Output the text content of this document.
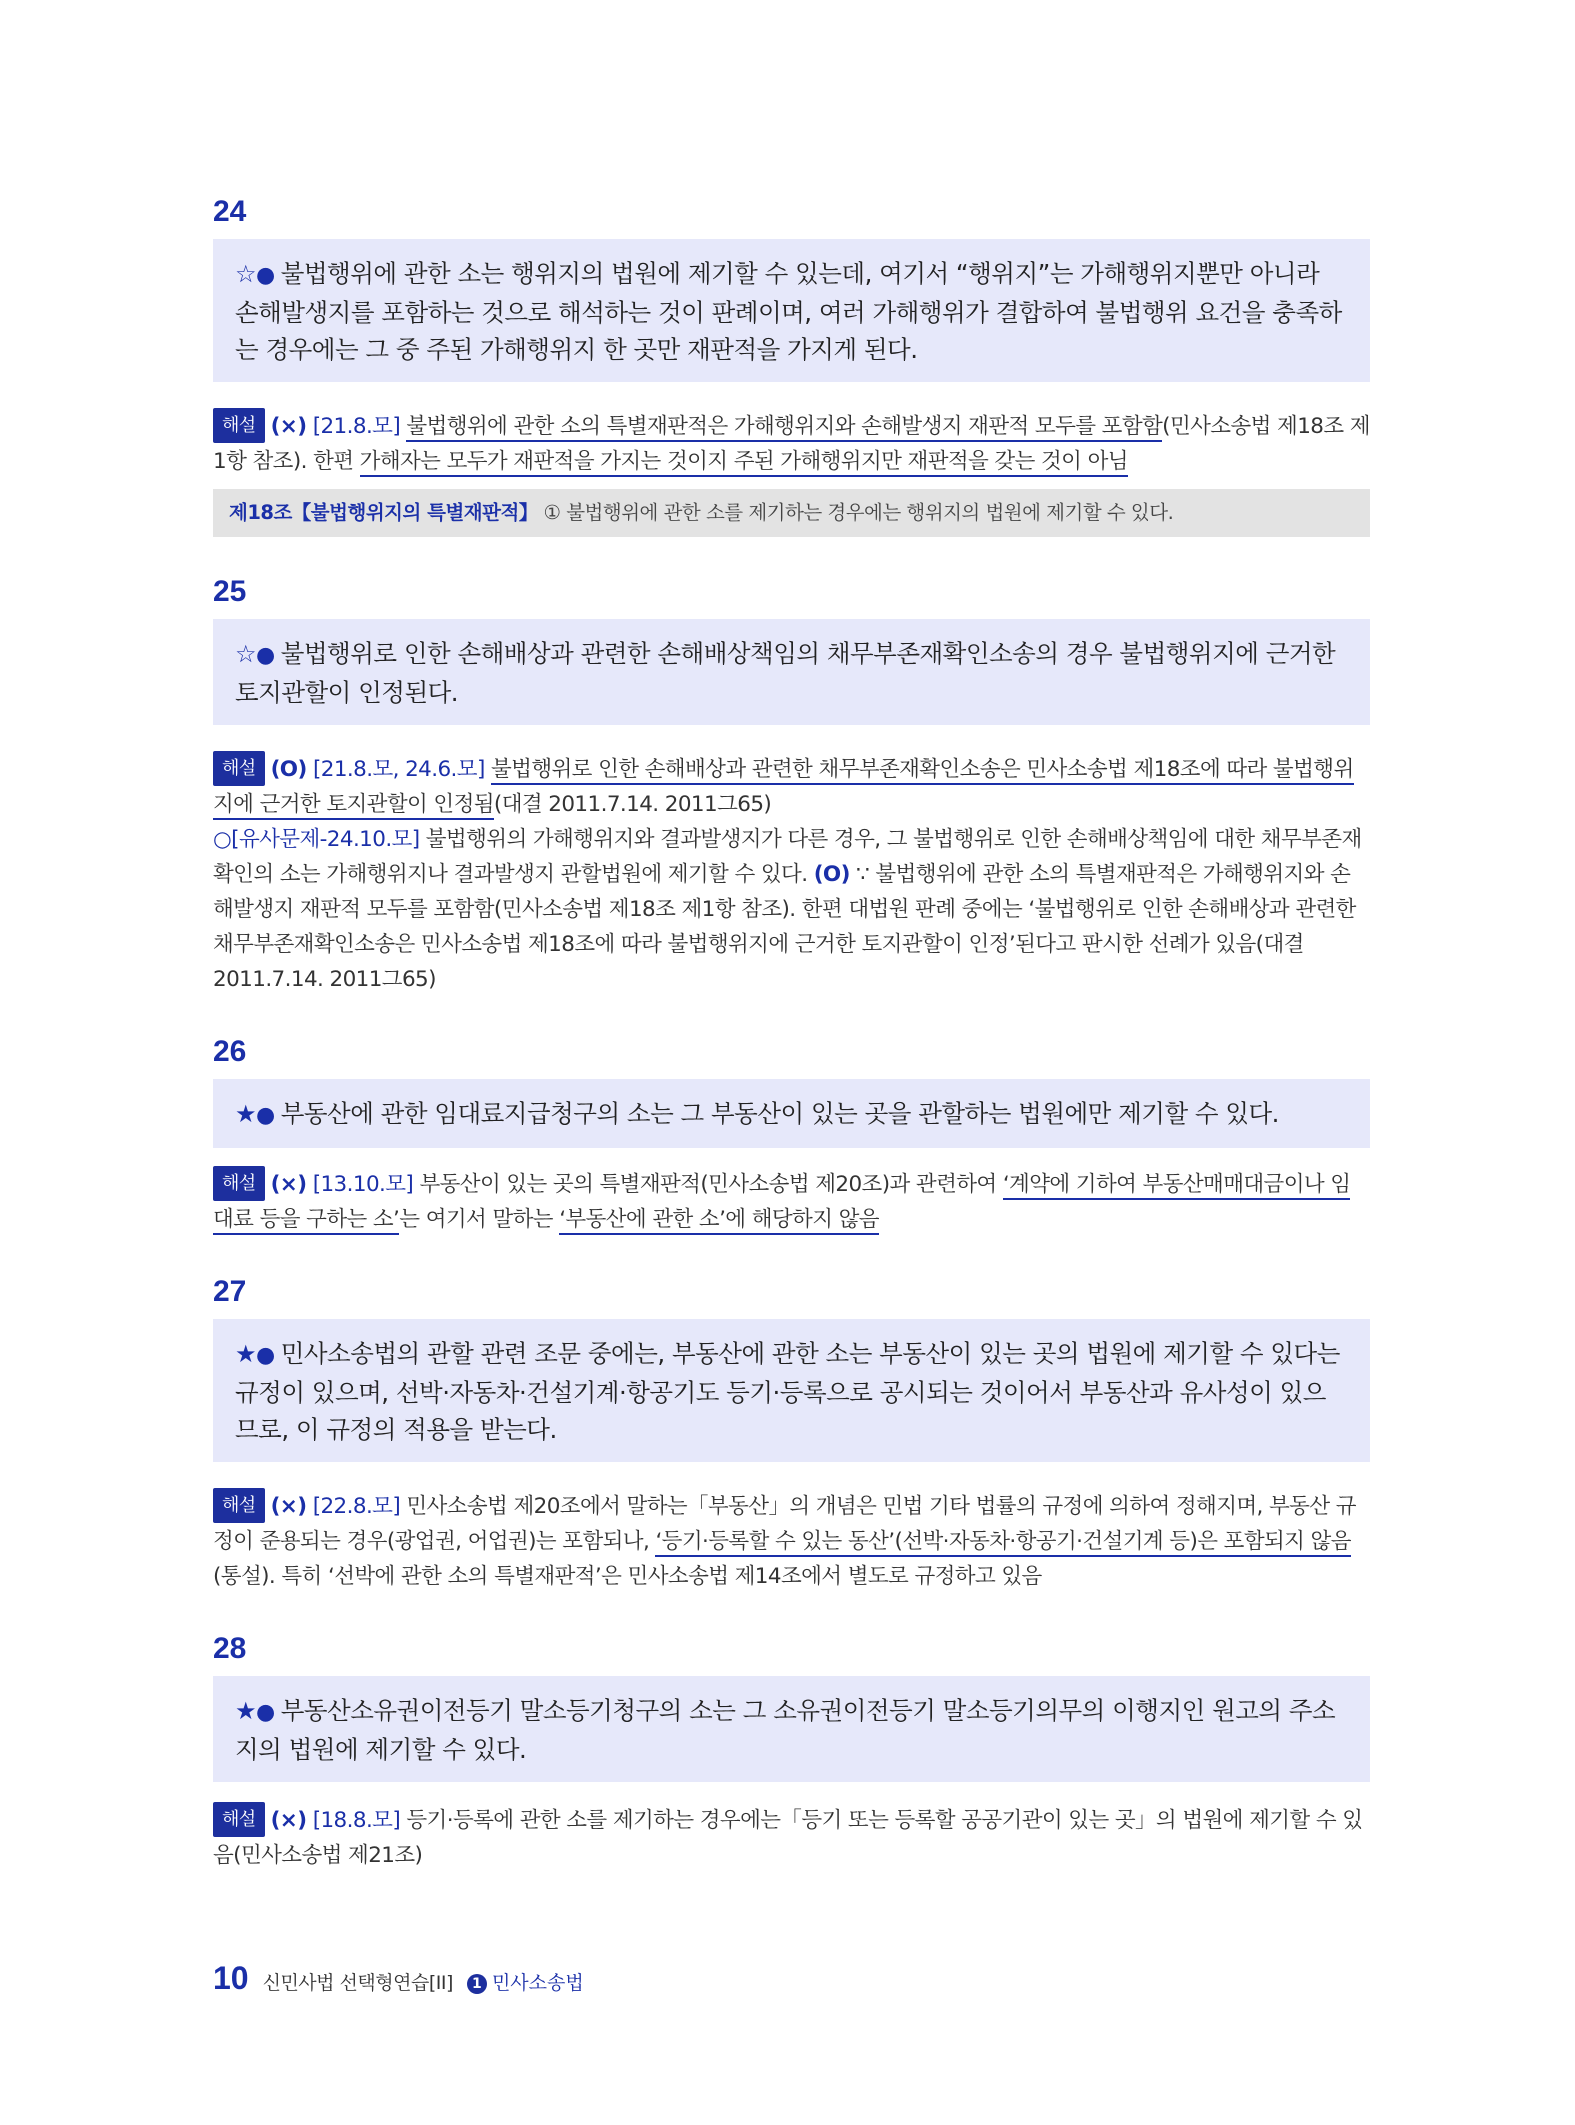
24
☆● 불법행위에 관한 소는 행위지의 법원에 제기할 수 있는데, 여기서 “행위지”는 가해행위지뿐만 아니라 손해발생지를 포함하는 것으로 해석하는 것이 판례이며, 여러 가해행위가 결합하여 불법행위 요건을 충족하는 경우에는 그 중 주된 가해행위지 한 곳만 재판적을 가지게 된다.
해설 (×) [21.8.모] 불법행위에 관한 소의 특별재판적은 가해행위지와 손해발생지 재판적 모두를 포함함(민사소송법 제18조 제1항 참조). 한편 가해자는 모두가 재판적을 가지는 것이지 주된 가해행위지만 재판적을 갖는 것이 아님
제18조【불법행위지의 특별재판적】 ① 불법행위에 관한 소를 제기하는 경우에는 행위지의 법원에 제기할 수 있다.
25
☆● 불법행위로 인한 손해배상과 관련한 손해배상책임의 채무부존재확인소송의 경우 불법행위지에 근거한 토지관할이 인정된다.
해설 (O) [21.8.모, 24.6.모] 불법행위로 인한 손해배상과 관련한 채무부존재확인소송은 민사소송법 제18조에 따라 불법행위지에 근거한 토지관할이 인정됨(대결 2011.7.14. 2011그65)
○[유사문제-24.10.모] 불법행위의 가해행위지와 결과발생지가 다른 경우, 그 불법행위로 인한 손해배상책임에 대한 채무부존재확인의 소는 가해행위지나 결과발생지 관할법원에 제기할 수 있다. (O) ∵ 불법행위에 관한 소의 특별재판적은 가해행위지와 손해발생지 재판적 모두를 포함함(민사소송법 제18조 제1항 참조). 한편 대법원 판례 중에는 ‘불법행위로 인한 손해배상과 관련한 채무부존재확인소송은 민사소송법 제18조에 따라 불법행위지에 근거한 토지관할이 인정’된다고 판시한 선례가 있음(대결 2011.7.14. 2011그65)
26
★● 부동산에 관한 임대료지급청구의 소는 그 부동산이 있는 곳을 관할하는 법원에만 제기할 수 있다.
해설 (×) [13.10.모] 부동산이 있는 곳의 특별재판적(민사소송법 제20조)과 관련하여 ‘계약에 기하여 부동산매매대금이나 임대료 등을 구하는 소’는 여기서 말하는 ‘부동산에 관한 소’에 해당하지 않음
27
★● 민사소송법의 관할 관련 조문 중에는, 부동산에 관한 소는 부동산이 있는 곳의 법원에 제기할 수 있다는 규정이 있으며, 선박·자동차·건설기계·항공기도 등기·등록으로 공시되는 것이어서 부동산과 유사성이 있으므로, 이 규정의 적용을 받는다.
해설 (×) [22.8.모] 민사소송법 제20조에서 말하는「부동산」의 개념은 민법 기타 법률의 규정에 의하여 정해지며, 부동산 규정이 준용되는 경우(광업권, 어업권)는 포함되나, ‘등기·등록할 수 있는 동산’(선박·자동차·항공기·건설기계 등)은 포함되지 않음(통설). 특히 ‘선박에 관한 소의 특별재판적’은 민사소송법 제14조에서 별도로 규정하고 있음
28
★● 부동산소유권이전등기 말소등기청구의 소는 그 소유권이전등기 말소등기의무의 이행지인 원고의 주소지의 법원에 제기할 수 있다.
해설 (×) [18.8.모] 등기·등록에 관한 소를 제기하는 경우에는「등기 또는 등록할 공공기관이 있는 곳」의 법원에 제기할 수 있음(민사소송법 제21조)
10 신민사법 선택형연습[II]	1 민사소송법
